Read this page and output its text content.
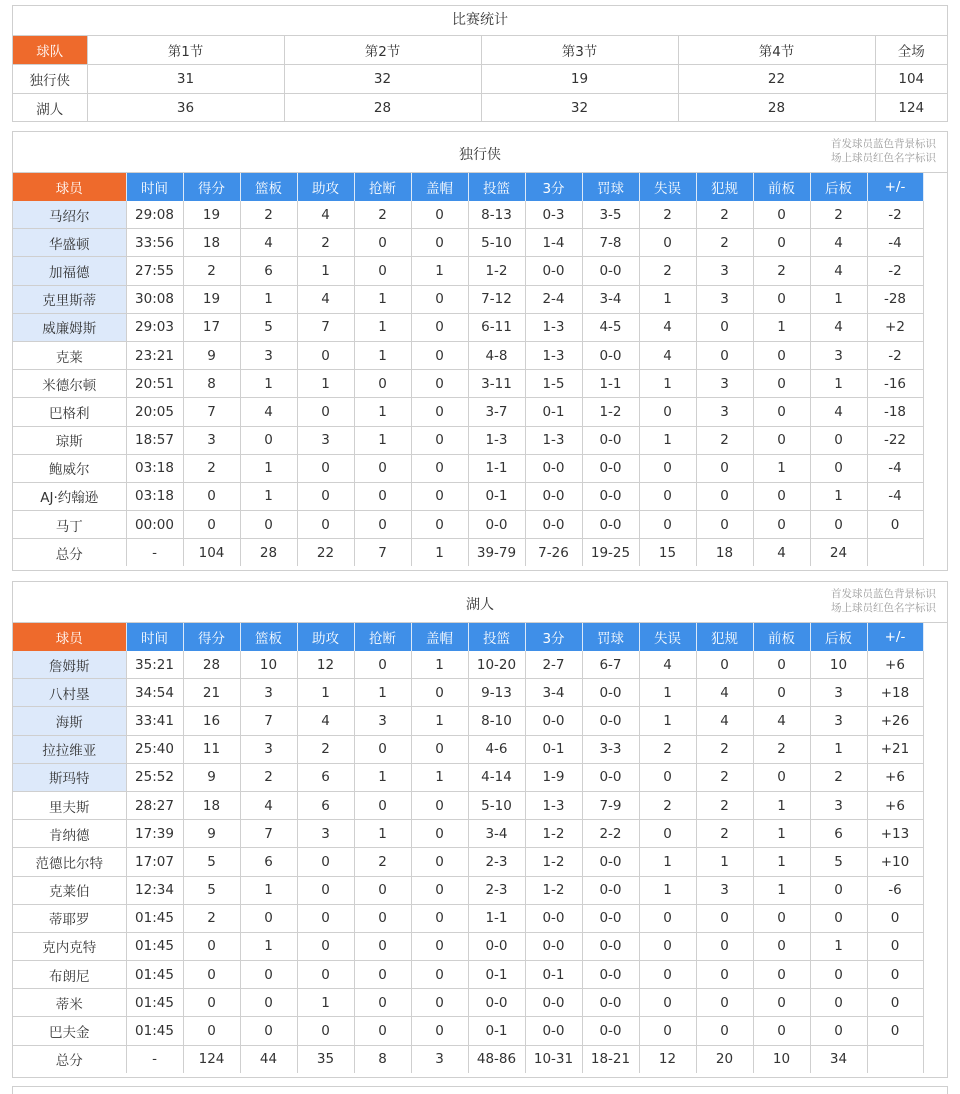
比赛统计
球队	第1节	第2节	第3节	第4节	全场
独行侠	31	32	19	22	104
湖人	36	28	32	28	124
独行侠
首发球员蓝色背景标识
场上球员红色名字标识
球员	时间	得分	篮板	助攻	抢断	盖帽	投篮	3分	罚球	失误	犯规	前板	后板	+/-
马绍尔	29:08	19	2	4	2	0	8-13	0-3	3-5	2	2	0	2	-2
华盛顿	33:56	18	4	2	0	0	5-10	1-4	7-8	0	2	0	4	-4
加福德	27:55	2	6	1	0	1	1-2	0-0	0-0	2	3	2	4	-2
克里斯蒂	30:08	19	1	4	1	0	7-12	2-4	3-4	1	3	0	1	-28
威廉姆斯	29:03	17	5	7	1	0	6-11	1-3	4-5	4	0	1	4	+2
克莱	23:21	9	3	0	1	0	4-8	1-3	0-0	4	0	0	3	-2
米德尔顿	20:51	8	1	1	0	0	3-11	1-5	1-1	1	3	0	1	-16
巴格利	20:05	7	4	0	1	0	3-7	0-1	1-2	0	3	0	4	-18
琼斯	18:57	3	0	3	1	0	1-3	1-3	0-0	1	2	0	0	-22
鲍威尔	03:18	2	1	0	0	0	1-1	0-0	0-0	0	0	1	0	-4
AJ·约翰逊	03:18	0	1	0	0	0	0-1	0-0	0-0	0	0	0	1	-4
马丁	00:00	0	0	0	0	0	0-0	0-0	0-0	0	0	0	0	0
总分	-	104	28	22	7	1	39-79	7-26	19-25	15	18	4	24	
湖人
首发球员蓝色背景标识
场上球员红色名字标识
球员	时间	得分	篮板	助攻	抢断	盖帽	投篮	3分	罚球	失误	犯规	前板	后板	+/-
詹姆斯	35:21	28	10	12	0	1	10-20	2-7	6-7	4	0	0	10	+6
八村塁	34:54	21	3	1	1	0	9-13	3-4	0-0	1	4	0	3	+18
海斯	33:41	16	7	4	3	1	8-10	0-0	0-0	1	4	4	3	+26
拉拉维亚	25:40	11	3	2	0	0	4-6	0-1	3-3	2	2	2	1	+21
斯玛特	25:52	9	2	6	1	1	4-14	1-9	0-0	0	2	0	2	+6
里夫斯	28:27	18	4	6	0	0	5-10	1-3	7-9	2	2	1	3	+6
肯纳德	17:39	9	7	3	1	0	3-4	1-2	2-2	0	2	1	6	+13
范德比尔特	17:07	5	6	0	2	0	2-3	1-2	0-0	1	1	1	5	+10
克莱伯	12:34	5	1	0	0	0	2-3	1-2	0-0	1	3	1	0	-6
蒂耶罗	01:45	2	0	0	0	0	1-1	0-0	0-0	0	0	0	0	0
克内克特	01:45	0	1	0	0	0	0-0	0-0	0-0	0	0	0	1	0
布朗尼	01:45	0	0	0	0	0	0-1	0-1	0-0	0	0	0	0	0
蒂米	01:45	0	0	1	0	0	0-0	0-0	0-0	0	0	0	0	0
巴夫金	01:45	0	0	0	0	0	0-1	0-0	0-0	0	0	0	0	0
总分	-	124	44	35	8	3	48-86	10-31	18-21	12	20	10	34	
